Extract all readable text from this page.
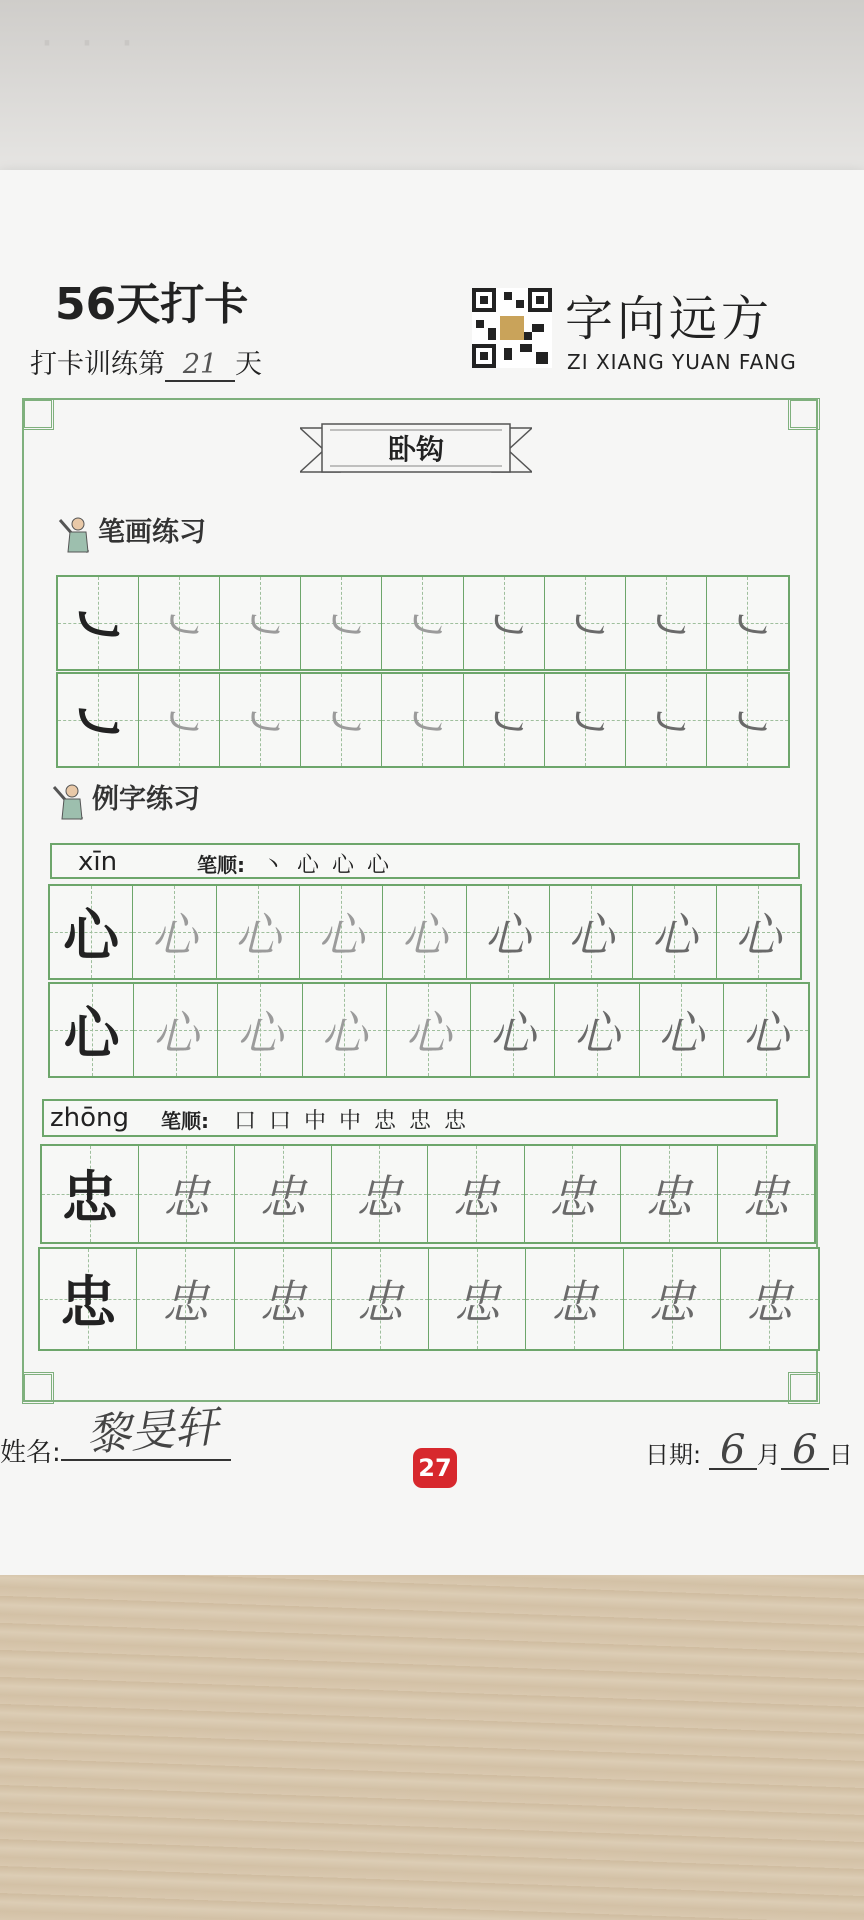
· · ·
56天打卡
打卡训练第 21 天
字向远方
ZI XIANG YUAN FANG
卧钩
笔画练习
㇃ ㇃ ㇃ ㇃ ㇃ ㇃ ㇃ ㇃ ㇃
㇃ ㇃ ㇃ ㇃ ㇃ ㇃ ㇃ ㇃ ㇃
例字练习
xīn	笔顺: 丶 心 心 心
心 心 心 心 心 心 心 心 心
心 心 心 心 心 心 心 心 心
zhōng 笔顺: 口 口 中 中 忠 忠 忠
忠 忠	忠	忠	忠	忠	忠	忠
忠	忠	忠	忠	忠	忠	忠	忠
姓名: 黎旻轩
27	日期: 6 月 6 日
